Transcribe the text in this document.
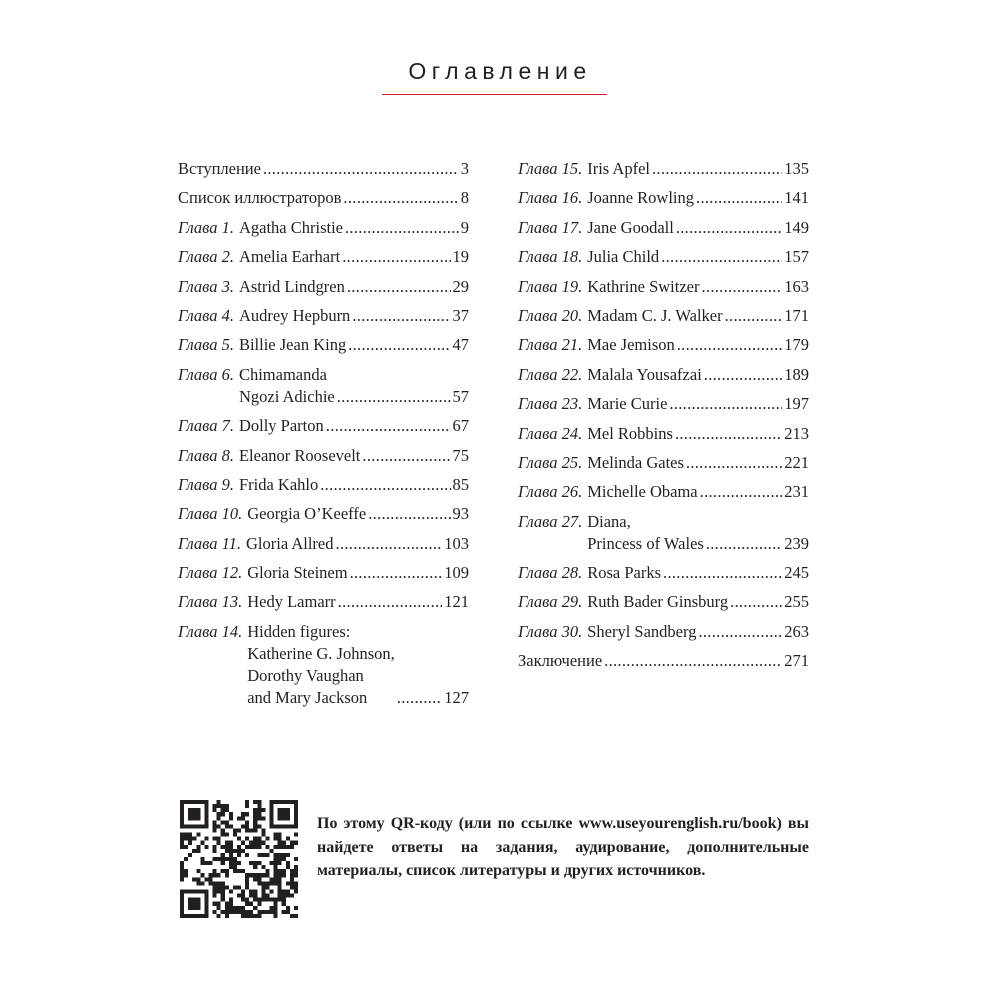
Оглавление
Вступление .....	3
Список иллюстраторов .....	8
Глава 1. Agatha Christie .....	9
Глава 2. Amelia Earhart .....	19
Глава 3. Astrid Lindgren .....	29
Глава 4. Audrey Hepburn .....	37
Глава 5. Billie Jean King .....	47
Глава 6. Chimamanda
Ngozi Adichie .....	57
Глава 7. Dolly Parton .....	67
Глава 8. Eleanor Roosevelt .....	75
Глава 9. Frida Kahlo .....	85
Глава 10. Georgia O’Keeffe .....	93
Глава 11. Gloria Allred .....	103
Глава 12. Gloria Steinem .....	109
Глава 13. Hedy Lamarr .....	121
Глава 14. Hidden figures:
Katherine G. Johnson,
Dorothy Vaughan
and Mary Jackson .....	127
Глава 15. Iris Apfel .....	135
Глава 16. Joanne Rowling .....	141
Глава 17. Jane Goodall .....	149
Глава 18. Julia Child .....	157
Глава 19. Kathrine Switzer .....	163
Глава 20. Madam C. J. Walker .....	171
Глава 21. Mae Jemison .....	179
Глава 22. Malala Yousafzai .....	189
Глава 23. Marie Curie .....	197
Глава 24. Mel Robbins .....	213
Глава 25. Melinda Gates .....	221
Глава 26. Michelle Obama .....	231
Глава 27. Diana,
Princess of Wales .....	239
Глава 28. Rosa Parks .....	245
Глава 29. Ruth Bader Ginsburg .....	255
Глава 30. Sheryl Sandberg .....	263
Заключение .....	271
По этому QR-коду (или по ссылке www.useyourenglish.ru/book) вы найдете ответы на задания, аудирование, дополнительные материалы, список литературы и других источников.
